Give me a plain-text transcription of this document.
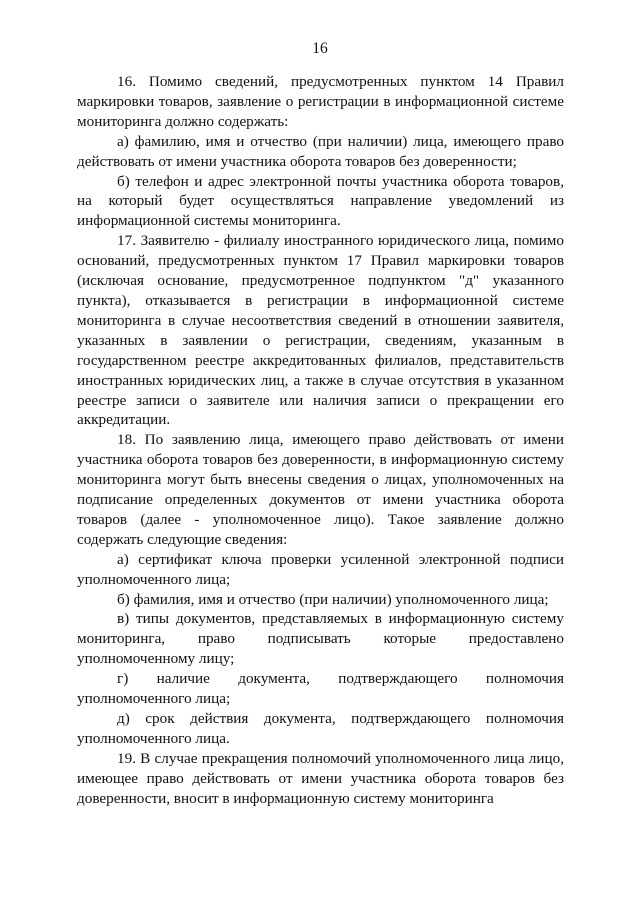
16

16. Помимо сведений, предусмотренных пунктом 14 Правил маркировки товаров, заявление о регистрации в информационной системе мониторинга должно содержать:

а) фамилию, имя и отчество (при наличии) лица, имеющего право действовать от имени участника оборота товаров без доверенности;

б) телефон и адрес электронной почты участника оборота товаров, на который будет осуществляться направление уведомлений из информационной системы мониторинга.

17. Заявителю - филиалу иностранного юридического лица, помимо оснований, предусмотренных пунктом 17 Правил маркировки товаров (исключая основание, предусмотренное подпунктом "д" указанного пункта), отказывается в регистрации в информационной системе мониторинга в случае несоответствия сведений в отношении заявителя, указанных в заявлении о регистрации, сведениям, указанным в государственном реестре аккредитованных филиалов, представительств иностранных юридических лиц, а также в случае отсутствия в указанном реестре записи о заявителе или наличия записи о прекращении его аккредитации.

18. По заявлению лица, имеющего право действовать от имени участника оборота товаров без доверенности, в информационную систему мониторинга могут быть внесены сведения о лицах, уполномоченных на подписание определенных документов от имени участника оборота товаров (далее - уполномоченное лицо). Такое заявление должно содержать следующие сведения:

а) сертификат ключа проверки усиленной электронной подписи уполномоченного лица;

б) фамилия, имя и отчество (при наличии) уполномоченного лица;

в) типы документов, представляемых в информационную систему мониторинга, право подписывать которые предоставлено уполномоченному лицу;

г) наличие документа, подтверждающего полномочия уполномоченного лица;

д) срок действия документа, подтверждающего полномочия уполномоченного лица.

19. В случае прекращения полномочий уполномоченного лица лицо, имеющее право действовать от имени участника оборота товаров без доверенности, вносит в информационную систему мониторинга
